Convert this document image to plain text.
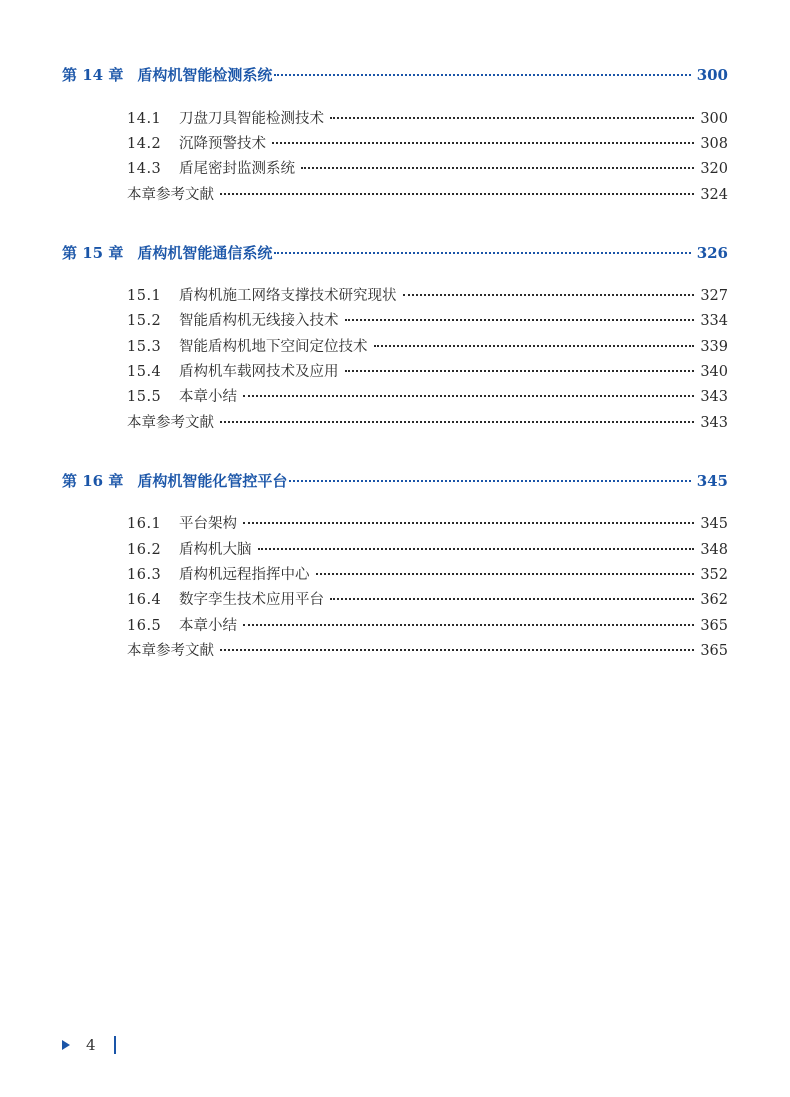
第 14 章 盾构机智能检测系统	300
14.1	刀盘刀具智能检测技术	300
14.2	沉降预警技术	308
14.3	盾尾密封监测系统	320
本章参考文献	324
第 15 章 盾构机智能通信系统	326
15.1	盾构机施工网络支撑技术研究现状	327
15.2	智能盾构机无线接入技术	334
15.3	智能盾构机地下空间定位技术	339
15.4	盾构机车载网技术及应用	340
15.5	本章小结	343
本章参考文献	343
第 16 章 盾构机智能化管控平台	345
16.1	平台架构	345
16.2	盾构机大脑	348
16.3	盾构机远程指挥中心	352
16.4	数字孪生技术应用平台	362
16.5	本章小结	365
本章参考文献	365
4
